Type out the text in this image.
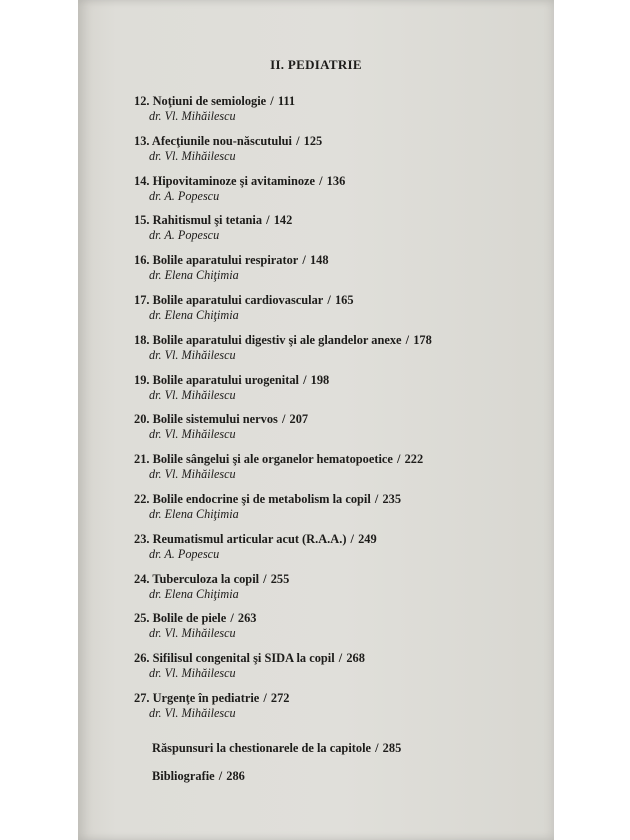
II. PEDIATRIE
12. Noţiuni de semiologie / 111
dr. Vl. Mihăilescu
13. Afecţiunile nou-născutului / 125
dr. Vl. Mihăilescu
14. Hipovitaminoze şi avitaminoze / 136
dr. A. Popescu
15. Rahitismul şi tetania / 142
dr. A. Popescu
16. Bolile aparatului respirator / 148
dr. Elena Chiţimia
17. Bolile aparatului cardiovascular / 165
dr. Elena Chiţimia
18. Bolile aparatului digestiv şi ale glandelor anexe / 178
dr. Vl. Mihăilescu
19. Bolile aparatului urogenital / 198
dr. Vl. Mihăilescu
20. Bolile sistemului nervos / 207
dr. Vl. Mihăilescu
21. Bolile sângelui şi ale organelor hematopoetice / 222
dr. Vl. Mihăilescu
22. Bolile endocrine şi de metabolism la copil / 235
dr. Elena Chiţimia
23. Reumatismul articular acut (R.A.A.) / 249
dr. A. Popescu
24. Tuberculoza la copil / 255
dr. Elena Chiţimia
25. Bolile de piele / 263
dr. Vl. Mihăilescu
26. Sifilisul congenital şi SIDA la copil / 268
dr. Vl. Mihăilescu
27. Urgenţe în pediatrie / 272
dr. Vl. Mihăilescu
Răspunsuri la chestionarele de la capitole / 285
Bibliografie / 286
